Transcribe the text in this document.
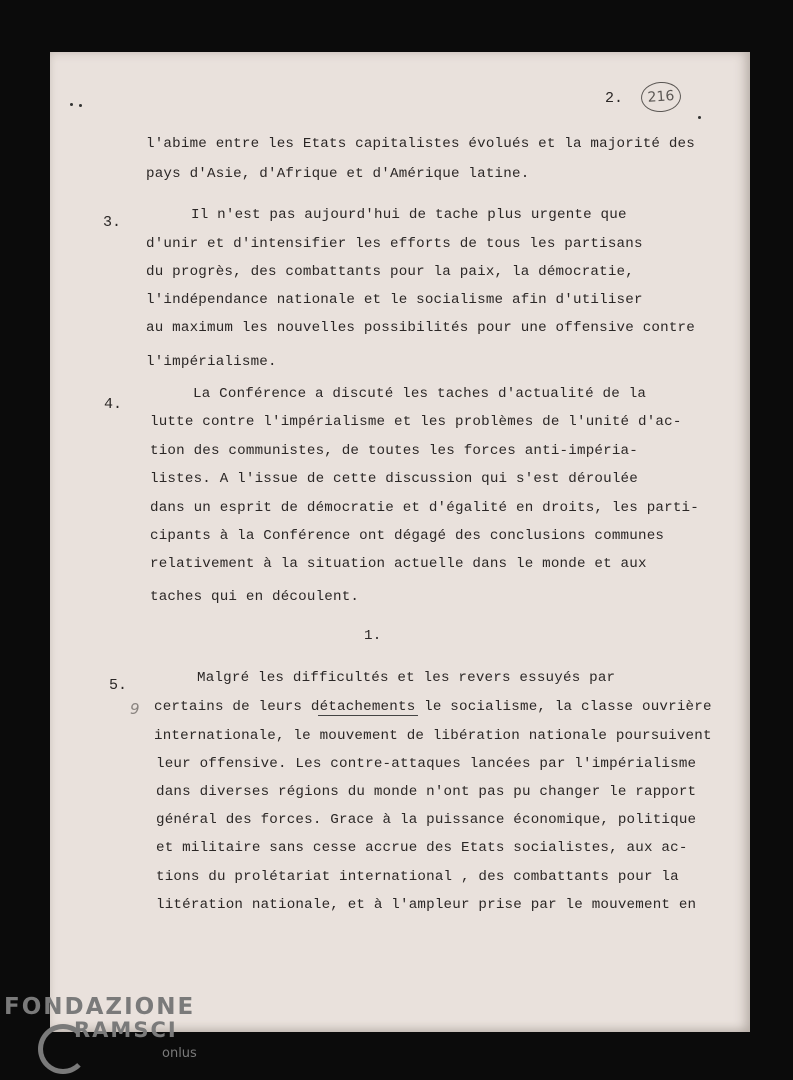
2.	216
l'abime entre les Etats capitalistes évolués et la majorité des
pays d'Asie, d'Afrique et d'Amérique latine.
3.	Il n'est pas aujourd'hui de tache plus urgente que
d'unir et d'intensifier les efforts de tous les partisans
du progrès, des combattants pour la paix, la démocratie,
l'indépendance nationale et le socialisme afin d'utiliser
au maximum les nouvelles possibilités pour une offensive contre
l'impérialisme.
4.
La Conférence a discuté les taches d'actualité de la
lutte contre l'impérialisme et les problèmes de l'unité d'ac-
tion des communistes, de toutes les forces anti-impéria-
listes. A l'issue de cette discussion qui s'est déroulée
dans un esprit de démocratie et d'égalité en droits, les parti-
cipants à la Conférence ont dégagé des conclusions communes
relativement à la situation actuelle dans le monde et aux
taches qui en découlent.
1.
5.
9
Malgré les difficultés et les revers essuyés par
certains de leurs détachements le socialisme, la classe ouvrière
internationale, le mouvement de libération nationale poursuivent
leur offensive. Les contre-attaques lancées par l'impérialisme
dans diverses régions du monde n'ont pas pu changer le rapport
général des forces. Grace à la puissance économique, politique
et militaire sans cesse accrue des Etats socialistes, aux ac-
tions du prolétariat international , des combattants pour la
litération nationale, et à l'ampleur prise par le mouvement en
FONDAZIONE
RAMSCI
onlus
